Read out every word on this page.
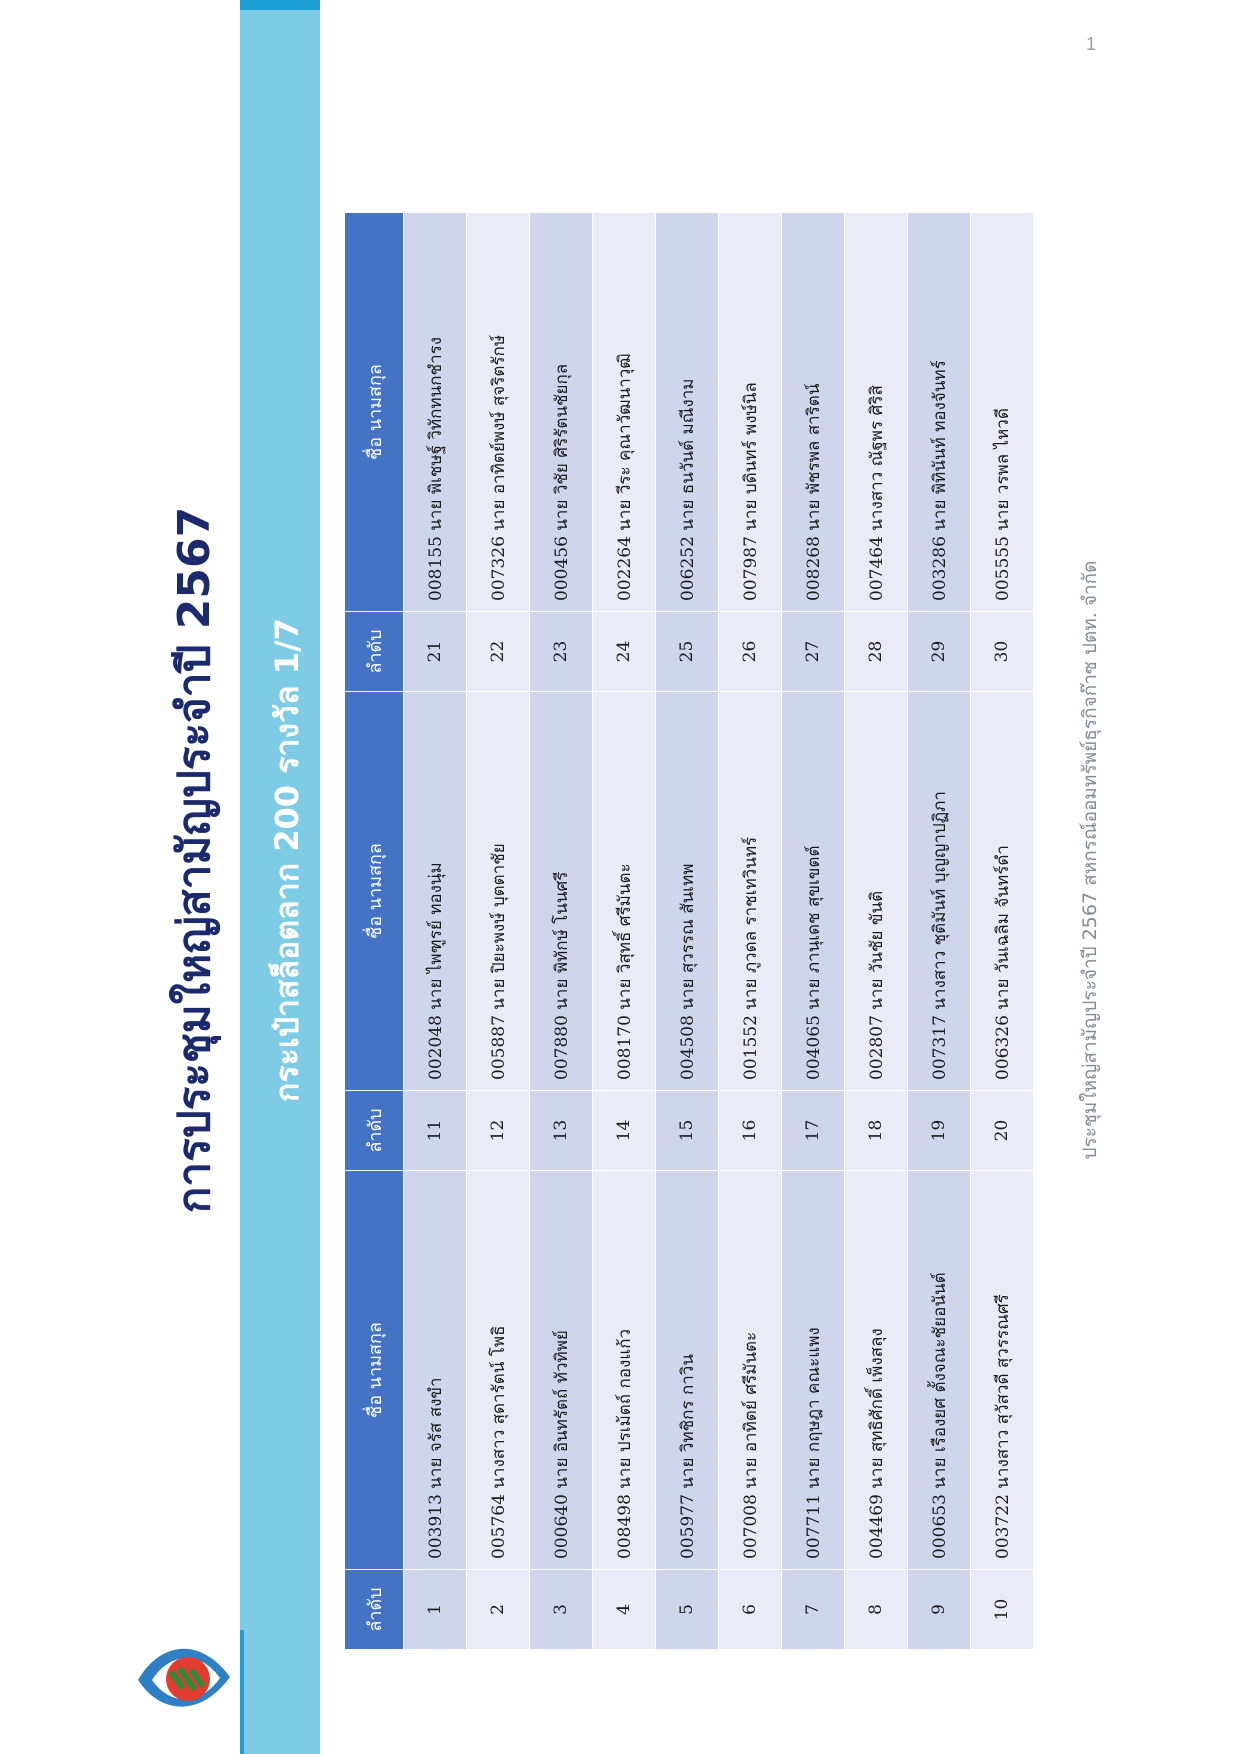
1
การประชุมใหญ่สามัญประจำปี 2567	กระเป๋าสล็อตลาก 200 รางวัล 1/7	ประชุมใหญ่สามัญประจำปี 2567 สหกรณ์ออมทรัพย์ธุรกิจก๊าซ ปตท. จำกัด
ลำดับ	ชื่อ นามสกุล	ลำดับ	ชื่อ นามสกุล	ลำดับ	ชื่อ นามสกุล
1	003913 นาย จรัส สงขำ	11	002048 นาย ไพฑูรย์ ทองนุ่ม	21	008155 นาย พิเชษฐ์ วิทักทนกชำรง
2	005764 นางสาว สุดารัตน์ โพธิ	12	005887 นาย ปิยะพงษ์ บุตตาชัย	22	007326 นาย อาทิตย์พงษ์ สุจริตรักษ์
3	000640 นาย อินทรัตถ์ ทัวทิพย์	13	007880 นาย พิทักษ์ โนนศรี	23	000456 นาย วิชัย ศิริรัตนชัยกุล
4	008498 นาย ปรเม้ตถ์ กองแก้ว	14	008170 นาย วิสุทธิ์ ศรีมันตะ	24	002264 นาย วีระ คุณาวัฒนาวุฒิ
5	005977 นาย วิทชิกร กาวิน	15	004508 นาย สุวรรณ สันเทพ	25	006252 นาย ธนวันต์ มณีงาม
6	007008 นาย อาทิตย์ ศรีมันตะ	16	001552 นาย ภูวดล ราชเทวินทร์	26	007987 นาย บดินทร์ พงษ์นิล
7	007711 นาย กฤษฎา คณะแพง	17	004065 นาย ภานุเดช สุขเขตต์	27	008268 นาย พัชรพล สาริตน์
8	004469 นาย สุทธิศักดิ์ เพ็งสลุง	18	002807 นาย วันชัย ขันติ	28	007464 นางสาว ณัฐพร ศิริสิ
9	000653 นาย เรืองยศ ตั้งจณะชัยอนันต์	19	007317 นางสาว ชุติมันท์ บุญญาปฏิภา	29	003286 นาย พิทินันท์ ทองจันทร์
10	003722 นางสาว สุวัสวดี สุวรรณศรี	20	006326 นาย วันเฉลิม จันทร์ดำ	30	005555 นาย วรพล ไหวดี
